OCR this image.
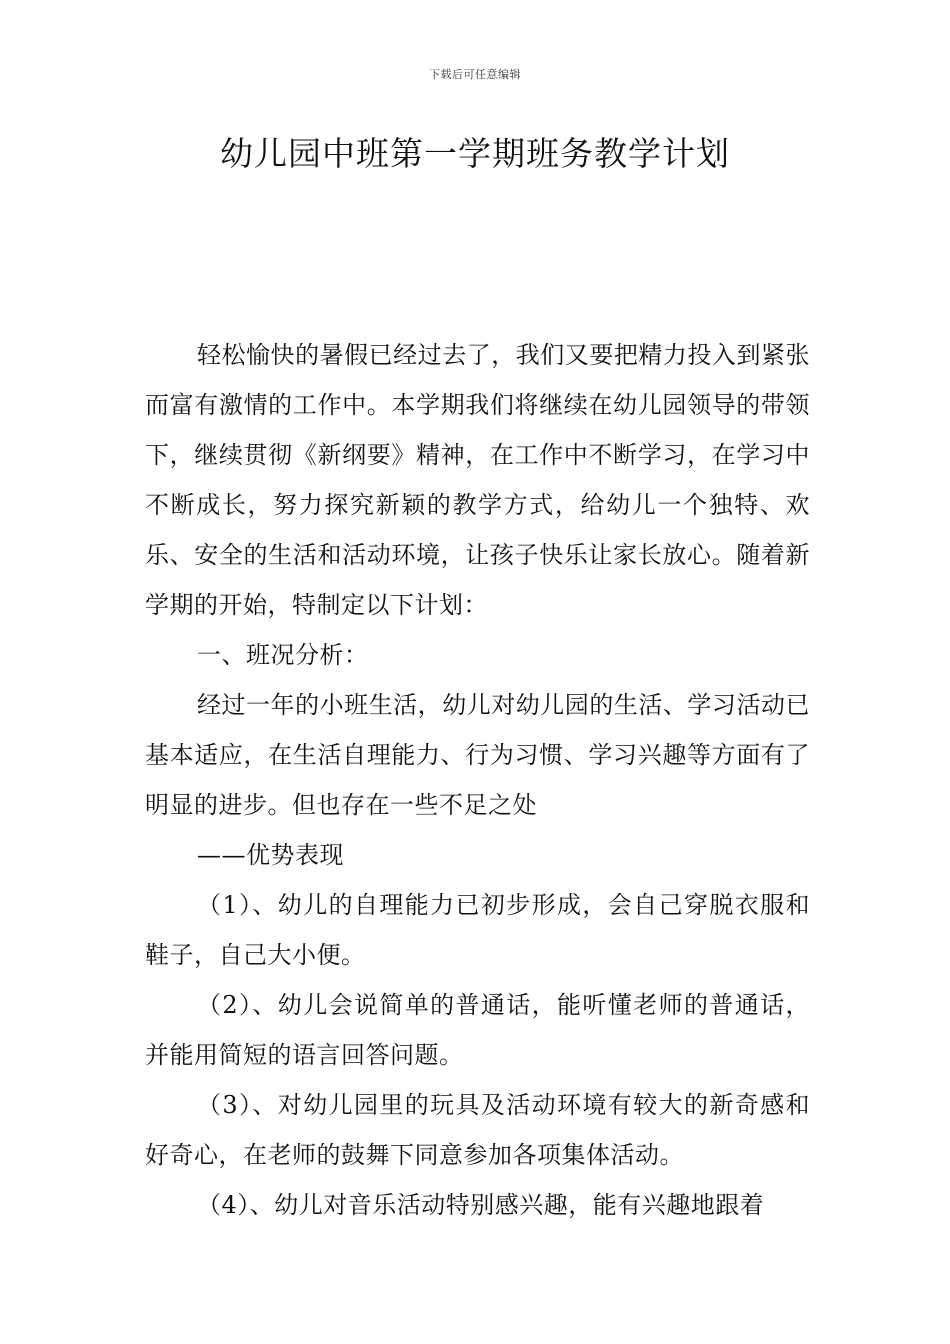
下载后可任意编辑
幼儿园中班第一学期班务教学计划

轻松愉快的暑假已经过去了，我们又要把精力投入到紧张而富有激情的工作中。本学期我们将继续在幼儿园领导的带领下，继续贯彻《新纲要》精神，在工作中不断学习，在学习中不断成长，努力探究新颖的教学方式，给幼儿一个独特、欢乐、安全的生活和活动环境，让孩子快乐让家长放心。随着新学期的开始，特制定以下计划：

一、班况分析：

经过一年的小班生活，幼儿对幼儿园的生活、学习活动已基本适应，在生活自理能力、行为习惯、学习兴趣等方面有了明显的进步。但也存在一些不足之处

——优势表现

（1）、幼儿的自理能力已初步形成，会自己穿脱衣服和鞋子，自己大小便。

（2）、幼儿会说简单的普通话，能听懂老师的普通话，并能用简短的语言回答问题。

（3）、对幼儿园里的玩具及活动环境有较大的新奇感和好奇心，在老师的鼓舞下同意参加各项集体活动。

（4）、幼儿对音乐活动特别感兴趣，能有兴趣地跟着
